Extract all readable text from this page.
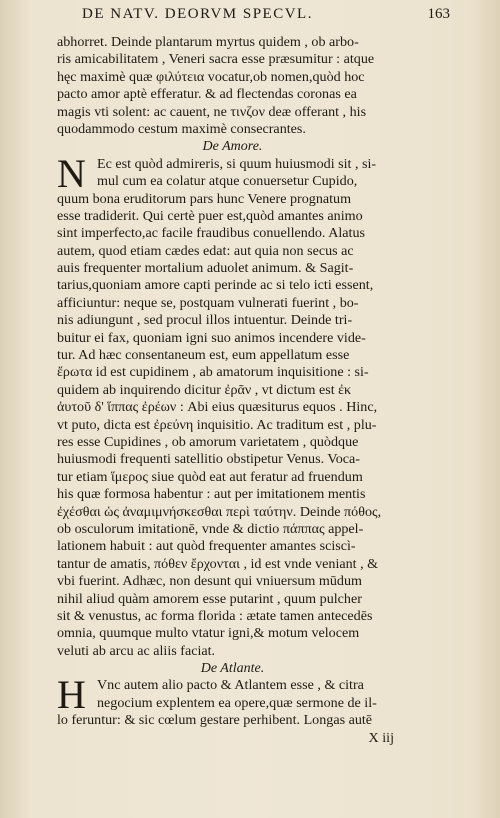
DE NATV. DEORVM SPECVL.	163
abhorret. Deinde plantarum myrtus quidem , ob arbo-
ris amicabilitatem , Veneri sacra esse præsumitur : atque
hęc maximè quæ φιλύτεια vocatur,ob nomen,quòd hoc
pacto amor aptè efferatur. & ad flectendas coronas ea
magis vti solent: ac cauent, ne τινζον deæ offerant , his
quodammodo cestum maximè consecrantes.
De Amore.
N Ec est quòd admireris, si quum huiusmodi sit , si-
mul cum ea colatur atque conuersetur Cupido,
quum bona eruditorum pars hunc Venere prognatum
esse tradiderit. Qui certè puer est,quòd amantes animo
sint imperfecto,ac facile fraudibus conuellendo. Alatus
autem, quod etiam cædes edat: aut quia non secus ac
auis frequenter mortalium aduolet animum. & Sagit-
tarius,quoniam amore capti perinde ac si telo icti essent,
afficiuntur: neque se, postquam vulnerati fuerint , bo-
nis adiungunt , sed procul illos intuentur. Deinde tri-
buitur ei fax, quoniam igni suo animos incendere vide-
tur. Ad hæc consentaneum est, eum appellatum esse
ἔρωτα id est cupidinem , ab amatorum inquisitione : si-
quidem ab inquirendo dicitur ἐρᾶν , vt dictum est ἐκ
ἀυτοῦ δ' ἵππας ἐρέων : Abi eius quæsiturus equos . Hinc,
vt puto, dicta est ἐρεύνη inquisitio. Ac traditum est , plu-
res esse Cupidines , ob amorum varietatem , quòdque
huiusmodi frequenti satellitio obstipetur Venus. Voca-
tur etiam ἵμερος siue quòd eat aut feratur ad fruendum
his quæ formosa habentur : aut per imitationem mentis
ἐχέσθαι ὡς ἀναμιμνήσκεσθαι περὶ ταύτην. Deinde πόθος,
ob osculorum imitationē, vnde & dictio πάππας appel-
lationem habuit : aut quòd frequenter amantes sciscì-
tantur de amatis, πόθεν ἔρχονται , id est vnde veniant , &
vbi fuerint. Adhæc, non desunt qui vniuersum mūdum
nihil aliud quàm amorem esse putarint , quum pulcher
sit & venustus, ac forma florida : ætate tamen antecedēs
omnia, quumque multo vtatur igni,& motum velocem
veluti ab arcu ac aliis faciat.
De Atlante.
H Vnc autem alio pacto & Atlantem esse , & citra
negocium explentem ea opere,quæ sermone de il-
lo feruntur: & sic cœlum gestare perhibent. Longas autē
X iij
